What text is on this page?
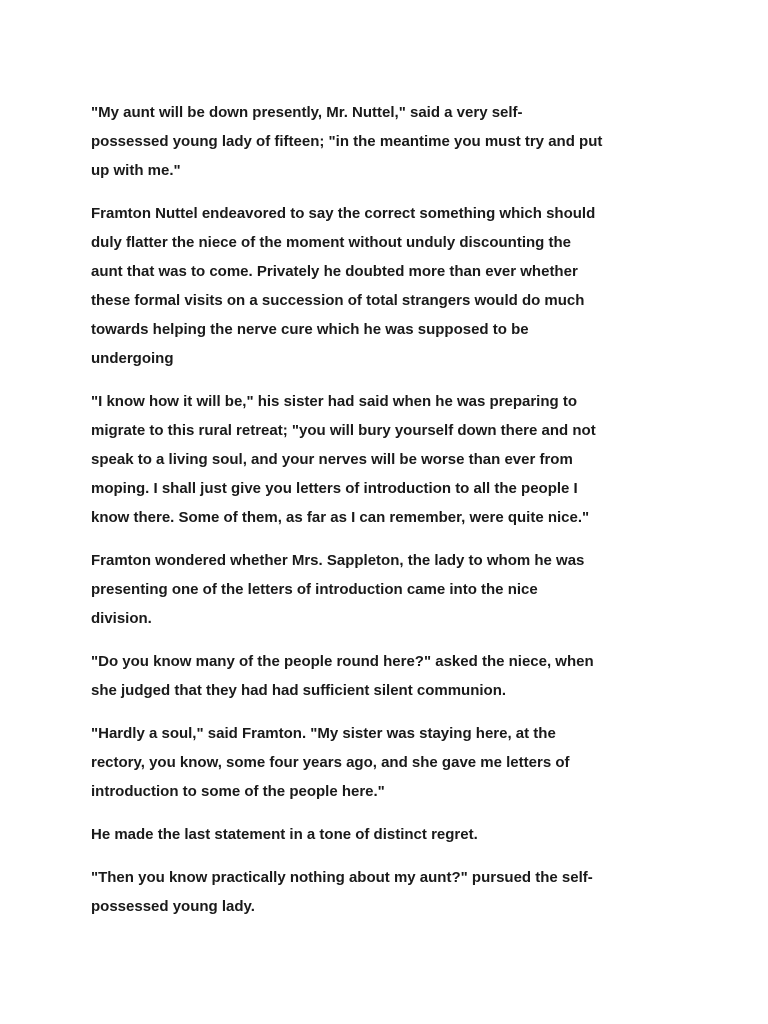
"My aunt will be down presently, Mr. Nuttel," said a very self-
possessed young lady of fifteen; "in the meantime you must try and put
up with me."

Framton Nuttel endeavored to say the correct something which should
duly flatter the niece of the moment without unduly discounting the
aunt that was to come. Privately he doubted more than ever whether
these formal visits on a succession of total strangers would do much
towards helping the nerve cure which he was supposed to be
undergoing

"I know how it will be," his sister had said when he was preparing to
migrate to this rural retreat; "you will bury yourself down there and not
speak to a living soul, and your nerves will be worse than ever from
moping. I shall just give you letters of introduction to all the people I
know there. Some of them, as far as I can remember, were quite nice."

Framton wondered whether Mrs. Sappleton, the lady to whom he was
presenting one of the letters of introduction came into the nice
division.

"Do you know many of the people round here?" asked the niece, when
she judged that they had had sufficient silent communion.

"Hardly a soul," said Framton. "My sister was staying here, at the
rectory, you know, some four years ago, and she gave me letters of
introduction to some of the people here."

He made the last statement in a tone of distinct regret.

"Then you know practically nothing about my aunt?" pursued the self-
possessed young lady.
